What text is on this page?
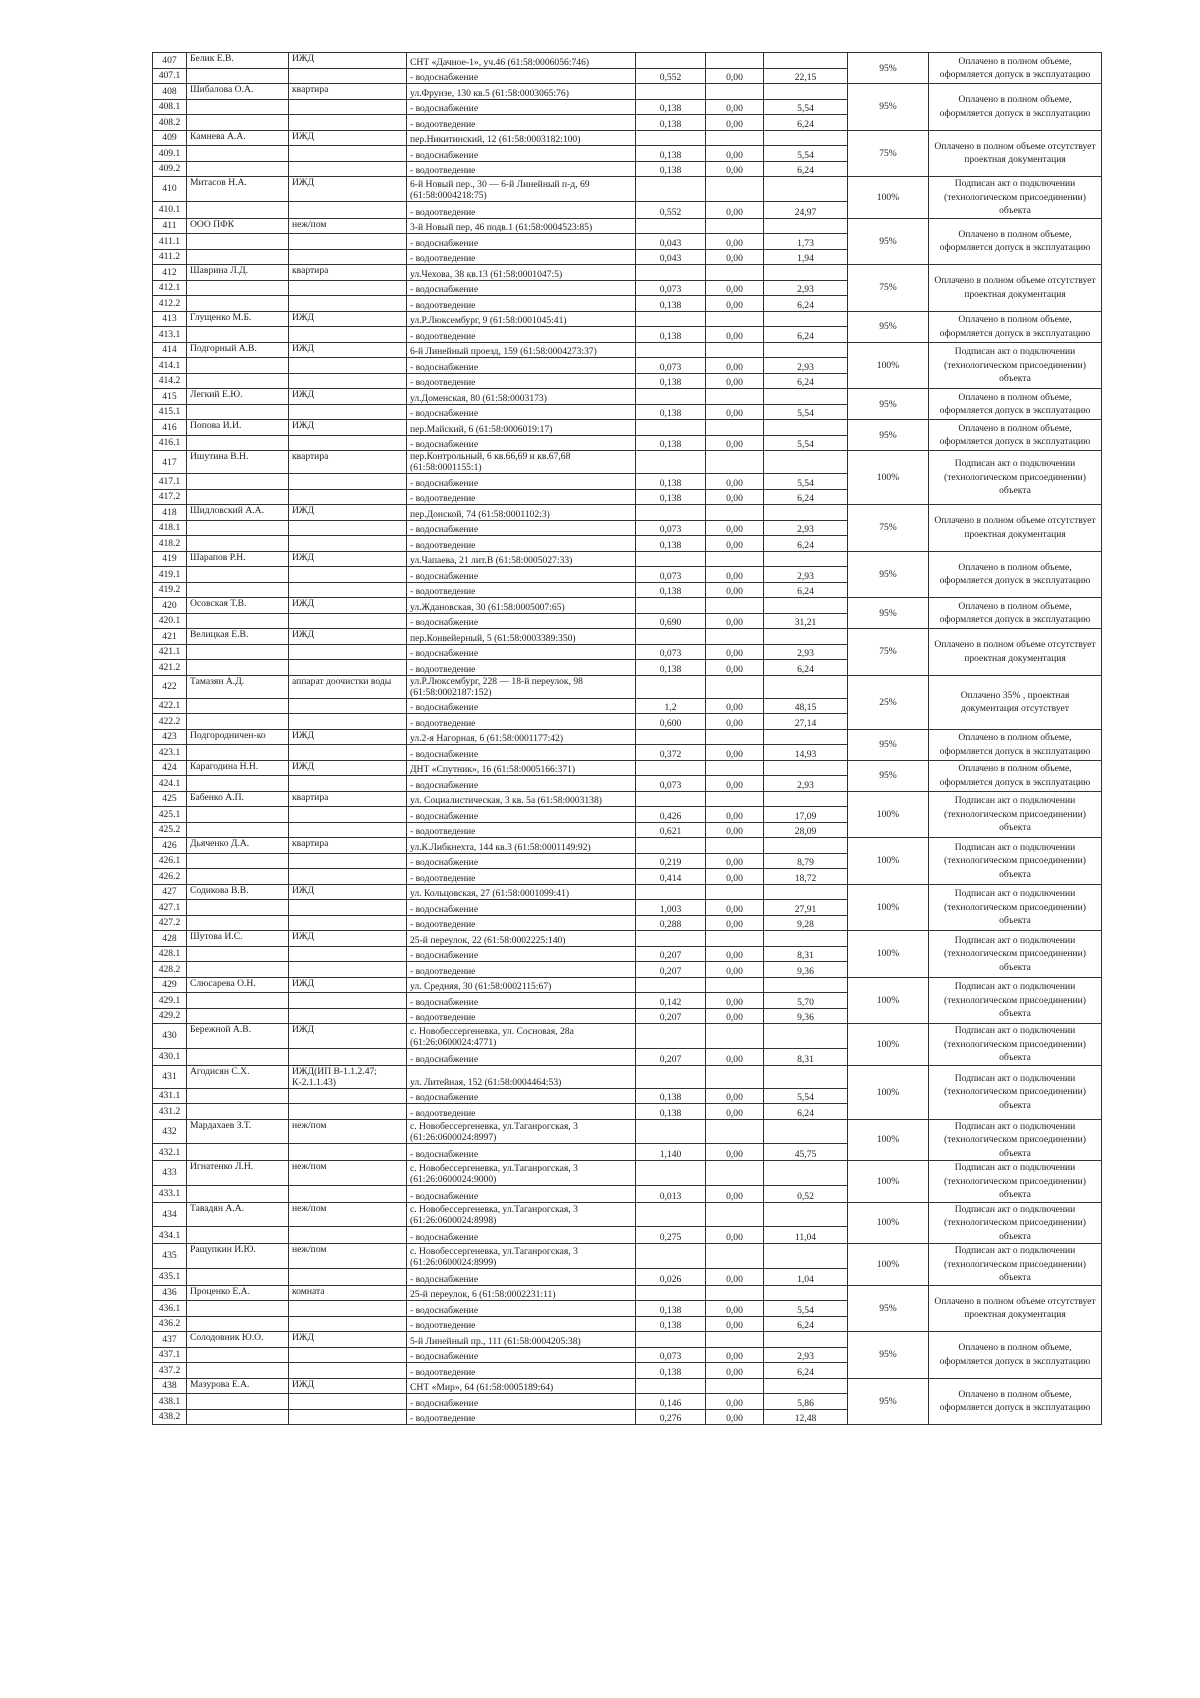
407	Белик Е.В.	ИЖД	СНТ «Дачное-1», уч.46 (61:58:0006056:746)				95%	Оплачено в полном объеме, оформляется допуск в эксплуатацию
407.1			- водоснабжение	0,552	0,00	22,15		
408	Шибалова О.А.	квартира	ул.Фрунзе, 130 кв.5 (61:58:0003065:76)				95%	Оплачено в полном объеме, оформляется допуск в эксплуатацию
408.1			- водоснабжение	0,138	0,00	5,54		
408.2			- водоотведение	0,138	0,00	6,24		
409	Камнева А.А.	ИЖД	пер.Никитинский, 12 (61:58:0003182:100)				75%	Оплачено в полном объеме отсутствует проектная документация
409.1			- водоснабжение	0,138	0,00	5,54		
409.2			- водоотведение	0,138	0,00	6,24		
410	Митасов Н.А.	ИЖД	6-й Новый пер., 30 — 6-й Линейный п-д, 69 (61:58:0004218:75)				100%	Подписан акт о подключении (технологическом присоединении) объекта
410.1			- водоотведение	0,552	0,00	24,97		
411	ООО ПФК	неж/пом	3-й Новый пер, 46 подв.1 (61:58:0004523:85)				95%	Оплачено в полном объеме, оформляется допуск в эксплуатацию
411.1			- водоснабжение	0,043	0,00	1,73		
411.2			- водоотведение	0,043	0,00	1,94		
412	Шаврина Л.Д.	квартира	ул.Чехова, 38 кв.13 (61:58:0001047:5)				75%	Оплачено в полном объеме отсутствует проектная документация
412.1			- водоснабжение	0,073	0,00	2,93		
412.2			- водоотведение	0,138	0,00	6,24		
413	Глущенко М.Б.	ИЖД	ул.Р.Люксембург, 9 (61:58:0001045:41)				95%	Оплачено в полном объеме, оформляется допуск в эксплуатацию
413.1			- водоотведение	0,138	0,00	6,24		
414	Подгорный А.В.	ИЖД	6-й Линейный проезд, 159 (61:58:0004273:37)				100%	Подписан акт о подключении (технологическом присоединении) объекта
414.1			- водоснабжение	0,073	0,00	2,93		
414.2			- водоотведение	0,138	0,00	6,24		
415	Легкий Е.Ю.	ИЖД	ул.Доменская, 80 (61:58:0003173)				95%	Оплачено в полном объеме, оформляется допуск в эксплуатацию
415.1			- водоснабжение	0,138	0,00	5,54		
416	Попова И.И.	ИЖД	пер.Майский, 6 (61:58:0006019:17)				95%	Оплачено в полном объеме, оформляется допуск в эксплуатацию
416.1			- водоснабжение	0,138	0,00	5,54		
417	Ишутина В.Н.	квартира	пер.Контрольный, 6 кв.66,69 и кв.67,68 (61:58:0001155:1)				100%	Подписан акт о подключении (технологическом присоединении) объекта
417.1			- водоснабжение	0,138	0,00	5,54		
417.2			- водоотведение	0,138	0,00	6,24		
418	Шидловский А.А.	ИЖД	пер.Донской, 74 (61:58:0001102:3)				75%	Оплачено в полном объеме отсутствует проектная документация
418.1			- водоснабжение	0,073	0,00	2,93		
418.2			- водоотведение	0,138	0,00	6,24		
419	Шарапов Р.Н.	ИЖД	ул.Чапаева, 21 лит.В (61:58:0005027:33)				95%	Оплачено в полном объеме, оформляется допуск в эксплуатацию
419.1			- водоснабжение	0,073	0,00	2,93		
419.2			- водоотведение	0,138	0,00	6,24		
420	Осовская Т.В.	ИЖД	ул.Ждановская, 30 (61:58:0005007:65)				95%	Оплачено в полном объеме, оформляется допуск в эксплуатацию
420.1			- водоснабжение	0,690	0,00	31,21		
421	Велицкая Е.В.	ИЖД	пер.Конвейерный, 5 (61:58:0003389:350)				75%	Оплачено в полном объеме отсутствует проектная документация
421.1			- водоснабжение	0,073	0,00	2,93		
421.2			- водоотведение	0,138	0,00	6,24		
422	Тамазян А.Д.	аппарат доочистки воды	ул.Р.Люксембург, 228 — 18-й переулок, 98 (61:58:0002187:152)				25%	Оплачено 35% , проектная документация отсутствует
422.1			- водоснабжение	1,2	0,00	48,15		
422.2			- водоотведение	0,600	0,00	27,14		
423	Подгородничен-ко	ИЖД	ул.2-я Нагорная, 6 (61:58:0001177:42)				95%	Оплачено в полном объеме, оформляется допуск в эксплуатацию
423.1			- водоснабжение	0,372	0,00	14,93		
424	Карагодина Н.Н.	ИЖД	ДНТ «Спутник», 16 (61:58:0005166:371)				95%	Оплачено в полном объеме, оформляется допуск в эксплуатацию
424.1			- водоснабжение	0,073	0,00	2,93		
425	Бабенко А.П.	квартира	ул. Социалистическая, 3 кв. 5а (61:58:0003138)				100%	Подписан акт о подключении (технологическом присоединении) объекта
425.1			- водоснабжение	0,426	0,00	17,09		
425.2			- водоотведение	0,621	0,00	28,09		
426	Дьяченко Д.А.	квартира	ул.К.Либкнехта, 144 кв.3 (61:58:0001149:92)				100%	Подписан акт о подключении (технологическом присоединении) объекта
426.1			- водоснабжение	0,219	0,00	8,79		
426.2			- водоотведение	0,414	0,00	18,72		
427	Содикова В.В.	ИЖД	ул. Кольцовская, 27 (61:58:0001099:41)				100%	Подписан акт о подключении (технологическом присоединении) объекта
427.1			- водоснабжение	1,003	0,00	27,91		
427.2			- водоотведение	0,288	0,00	9,28		
428	Шутова И.С.	ИЖД	25-й переулок, 22 (61:58:0002225:140)				100%	Подписан акт о подключении (технологическом присоединении) объекта
428.1			- водоснабжение	0,207	0,00	8,31		
428.2			- водоотведение	0,207	0,00	9,36		
429	Слюсарева О.Н.	ИЖД	ул. Средняя, 30 (61:58:0002115:67)				100%	Подписан акт о подключении (технологическом присоединении) объекта
429.1			- водоснабжение	0,142	0,00	5,70		
429.2			- водоотведение	0,207	0,00	9,36		
430	Бережной А.В.	ИЖД	с. Новобессергеневка, ул. Сосновая, 28а (61:26:0600024:4771)				100%	Подписан акт о подключении (технологическом присоединении) объекта
430.1			- водоснабжение	0,207	0,00	8,31		
431	Агодисян С.Х.	ИЖД(ИП В-1.1.2.47; К-2.1.1.43)	ул. Литейная, 152 (61:58:0004464:53)				100%	Подписан акт о подключении (технологическом присоединении) объекта
431.1			- водоснабжение	0,138	0,00	5,54		
431.2			- водоотведение	0,138	0,00	6,24		
432	Мардахаев З.Т.	неж/пом	с. Новобессергеневка, ул.Таганрогская, 3 (61:26:0600024:8997)				100%	Подписан акт о подключении (технологическом присоединении) объекта
432.1			- водоснабжение	1,140	0,00	45,75		
433	Игнатенко Л.Н.	неж/пом	с. Новобессергеневка, ул.Таганрогская, 3 (61:26:0600024:9000)				100%	Подписан акт о подключении (технологическом присоединении) объекта
433.1			- водоснабжение	0,013	0,00	0,52		
434	Тавадян А.А.	неж/пом	с. Новобессергеневка, ул.Таганрогская, 3 (61:26:0600024:8998)				100%	Подписан акт о подключении (технологическом присоединении) объекта
434.1			- водоснабжение	0,275	0,00	11,04		
435	Ращупкин И.Ю.	неж/пом	с. Новобессергеневка, ул.Таганрогская, 3 (61:26:0600024:8999)				100%	Подписан акт о подключении (технологическом присоединении) объекта
435.1			- водоснабжение	0,026	0,00	1,04		
436	Проценко Е.А.	комната	25-й переулок, 6 (61:58:0002231:11)				95%	Оплачено в полном объеме отсутствует проектная документация
436.1			- водоснабжение	0,138	0,00	5,54		
436.2			- водоотведение	0,138	0,00	6,24		
437	Солодовник Ю.О.	ИЖД	5-й Линейный пр., 111 (61:58:0004205:38)				95%	Оплачено в полном объеме, оформляется допуск в эксплуатацию
437.1			- водоснабжение	0,073	0,00	2,93		
437.2			- водоотведение	0,138	0,00	6,24		
438	Мазурова Е.А.	ИЖД	СНТ «Мир», 64 (61:58:0005189:64)				95%	Оплачено в полном объеме, оформляется допуск в эксплуатацию
438.1			- водоснабжение	0,146	0,00	5,86		
438.2			- водоотведение	0,276	0,00	12,48		
